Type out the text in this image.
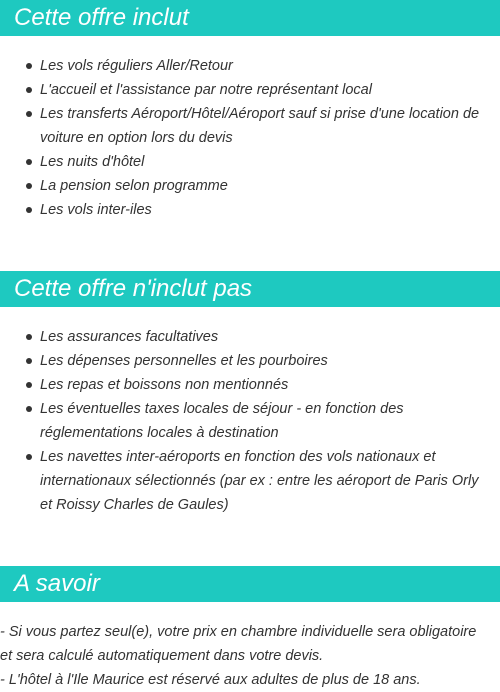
Cette offre inclut
Les vols réguliers Aller/Retour
L'accueil et l'assistance par notre représentant local
Les transferts Aéroport/Hôtel/Aéroport sauf si prise d'une location de voiture en option lors du devis
Les nuits d'hôtel
La pension selon programme
Les vols inter-iles
Cette offre n'inclut pas
Les assurances facultatives
Les dépenses personnelles et les pourboires
Les repas et boissons non mentionnés
Les éventuelles taxes locales de séjour - en fonction des réglementations locales à destination
Les navettes inter-aéroports en fonction des vols nationaux et internationaux sélectionnés (par ex : entre les aéroport de Paris Orly et Roissy Charles de Gaules)
A savoir

- Si vous partez seul(e), votre prix en chambre individuelle sera obligatoire et sera calculé automatiquement dans votre devis.

- L'hôtel à l'Ile Maurice est réservé aux adultes de plus de 18 ans.
